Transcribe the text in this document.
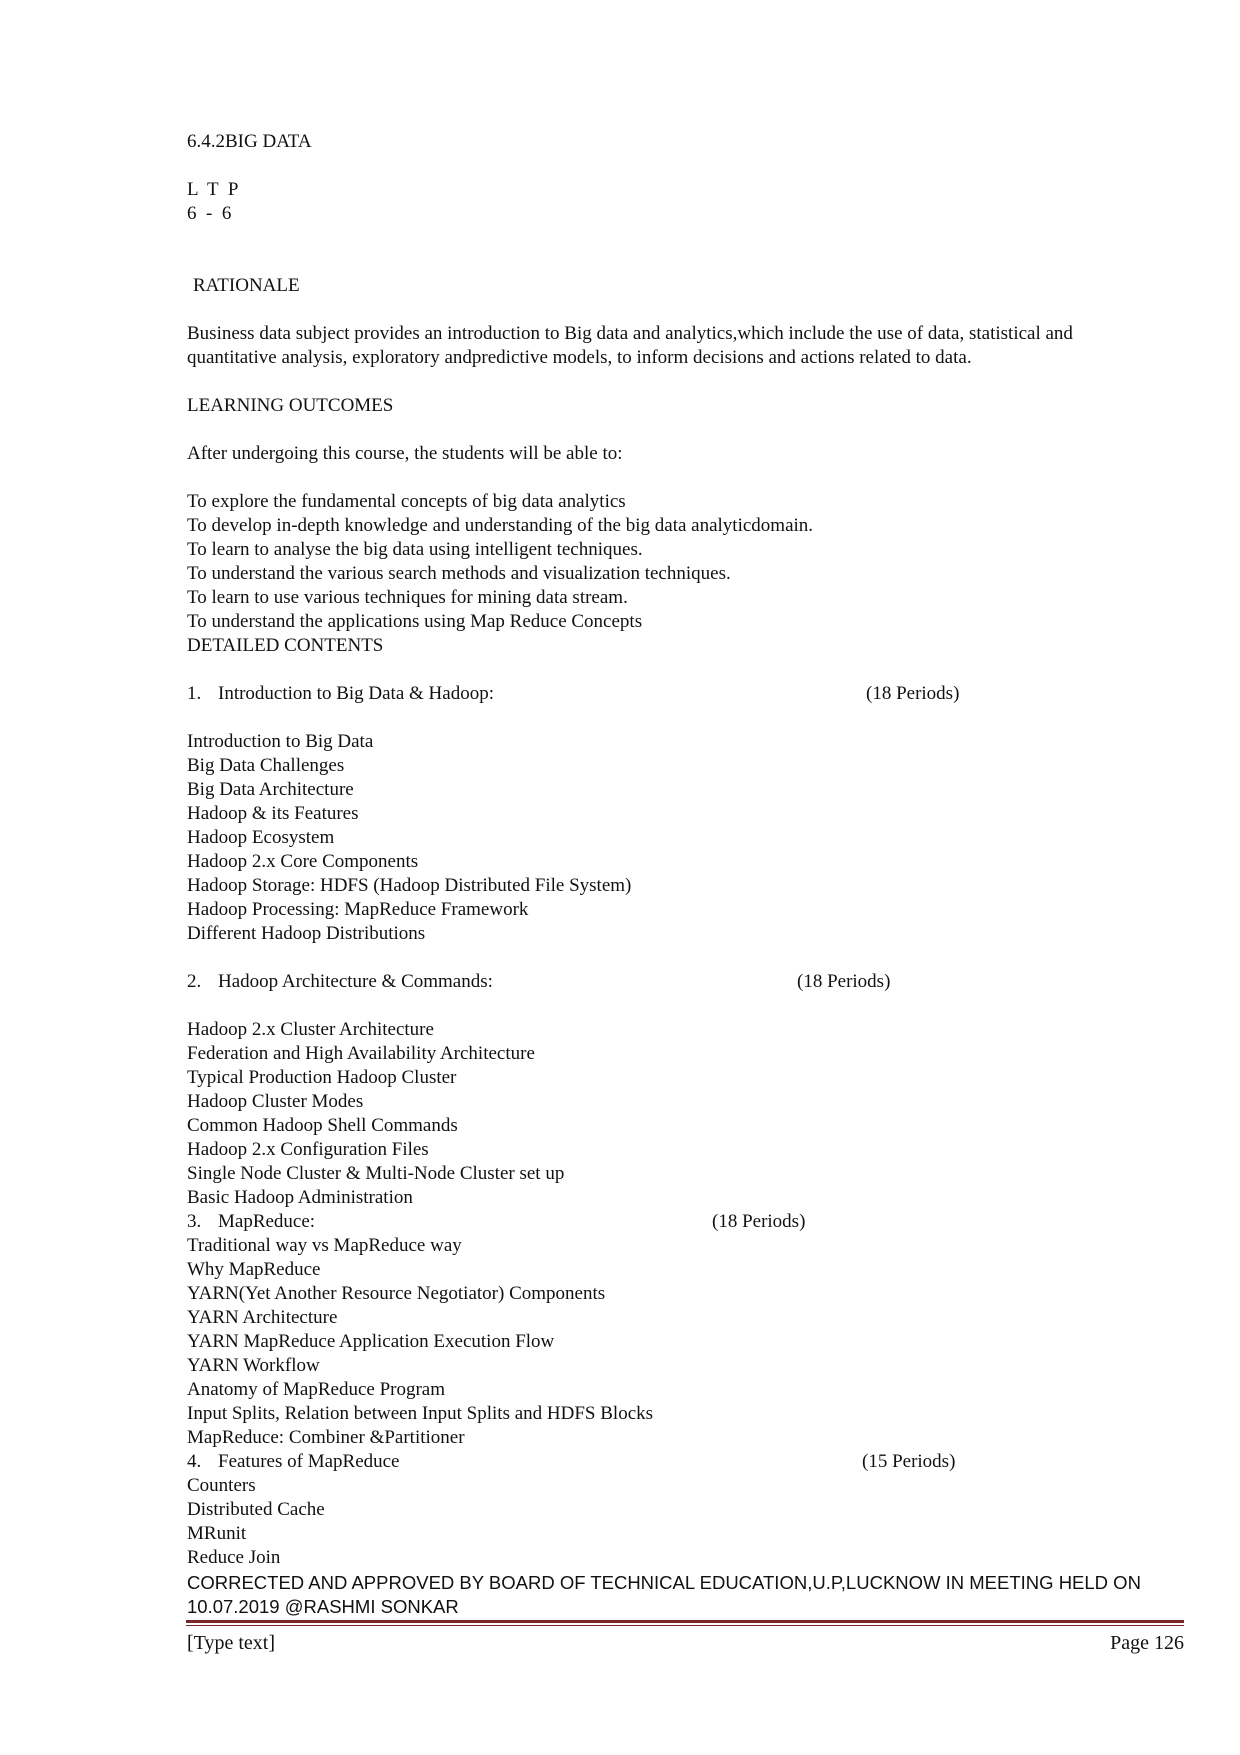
6.4.2BIG DATA
L  T  P
6  -  6
RATIONALE
Business data subject provides an introduction to Big data and analytics,which include the use of data, statistical and quantitative analysis, exploratory andpredictive models, to inform decisions and actions related to data.
LEARNING OUTCOMES
After undergoing this course, the students will be able to:
To explore the fundamental concepts of big data analytics
To develop in-depth knowledge and understanding of the big data analyticdomain.
To learn to analyse the big data using intelligent techniques.
To understand the various search methods and visualization techniques.
To learn to use various techniques for mining data stream.
To understand the applications using Map Reduce Concepts
DETAILED CONTENTS
1. Introduction to Big Data & Hadoop:	(18 Periods)
Introduction to Big Data
Big Data Challenges
Big Data Architecture
Hadoop & its Features
Hadoop Ecosystem
Hadoop 2.x Core Components
Hadoop Storage: HDFS (Hadoop Distributed File System)
Hadoop Processing: MapReduce Framework
Different Hadoop Distributions
2. Hadoop Architecture & Commands:	(18 Periods)
Hadoop 2.x Cluster Architecture
Federation and High Availability Architecture
Typical Production Hadoop Cluster
Hadoop Cluster Modes
Common Hadoop Shell Commands
Hadoop 2.x Configuration Files
Single Node Cluster & Multi-Node Cluster set up
Basic Hadoop Administration
3. MapReduce:	(18 Periods)
Traditional way vs MapReduce way
Why MapReduce
YARN(Yet Another Resource Negotiator) Components
YARN Architecture
YARN MapReduce Application Execution Flow
YARN Workflow
Anatomy of MapReduce Program
Input Splits, Relation between Input Splits and HDFS Blocks
MapReduce: Combiner &Partitioner
4. Features of MapReduce	(15 Periods)
Counters
Distributed Cache
MRunit
Reduce Join
CORRECTED AND APPROVED BY BOARD OF TECHNICAL EDUCATION,U.P,LUCKNOW IN MEETING HELD ON 10.07.2019 @RASHMI SONKAR
[Type text]	Page 126
